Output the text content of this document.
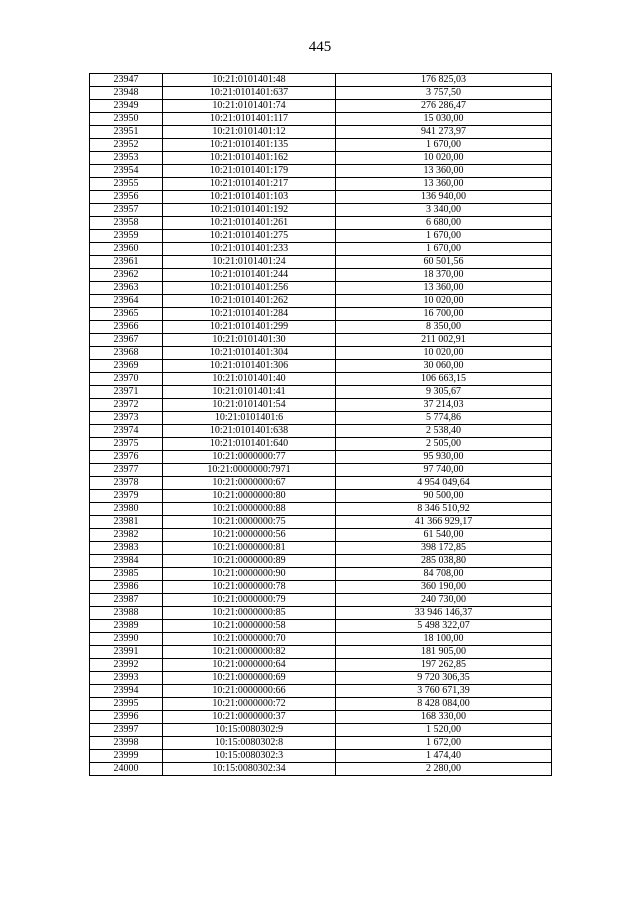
445
23947	10:21:0101401:48	176 825,03
23948	10:21:0101401:637	3 757,50
23949	10:21:0101401:74	276 286,47
23950	10:21:0101401:117	15 030,00
23951	10:21:0101401:12	941 273,97
23952	10:21:0101401:135	1 670,00
23953	10:21:0101401:162	10 020,00
23954	10:21:0101401:179	13 360,00
23955	10:21:0101401:217	13 360,00
23956	10:21:0101401:103	136 940,00
23957	10:21:0101401:192	3 340,00
23958	10:21:0101401:261	6 680,00
23959	10:21:0101401:275	1 670,00
23960	10:21:0101401:233	1 670,00
23961	10:21:0101401:24	60 501,56
23962	10:21:0101401:244	18 370,00
23963	10:21:0101401:256	13 360,00
23964	10:21:0101401:262	10 020,00
23965	10:21:0101401:284	16 700,00
23966	10:21:0101401:299	8 350,00
23967	10:21:0101401:30	211 002,91
23968	10:21:0101401:304	10 020,00
23969	10:21:0101401:306	30 060,00
23970	10:21:0101401:40	106 663,15
23971	10:21:0101401:41	9 305,67
23972	10:21:0101401:54	37 214,03
23973	10:21:0101401:6	5 774,86
23974	10:21:0101401:638	2 538,40
23975	10:21:0101401:640	2 505,00
23976	10:21:0000000:77	95 930,00
23977	10:21:0000000:7971	97 740,00
23978	10:21:0000000:67	4 954 049,64
23979	10:21:0000000:80	90 500,00
23980	10:21:0000000:88	8 346 510,92
23981	10:21:0000000:75	41 366 929,17
23982	10:21:0000000:56	61 540,00
23983	10:21:0000000:81	398 172,85
23984	10:21:0000000:89	285 038,80
23985	10:21:0000000:90	84 708,00
23986	10:21:0000000:78	360 190,00
23987	10:21:0000000:79	240 730,00
23988	10:21:0000000:85	33 946 146,37
23989	10:21:0000000:58	5 498 322,07
23990	10:21:0000000:70	18 100,00
23991	10:21:0000000:82	181 905,00
23992	10:21:0000000:64	197 262,85
23993	10:21:0000000:69	9 720 306,35
23994	10:21:0000000:66	3 760 671,39
23995	10:21:0000000:72	8 428 084,00
23996	10:21:0000000:37	168 330,00
23997	10:15:0080302:9	1 520,00
23998	10:15:0080302:8	1 672,00
23999	10:15:0080302:3	1 474,40
24000	10:15:0080302:34	2 280,00
